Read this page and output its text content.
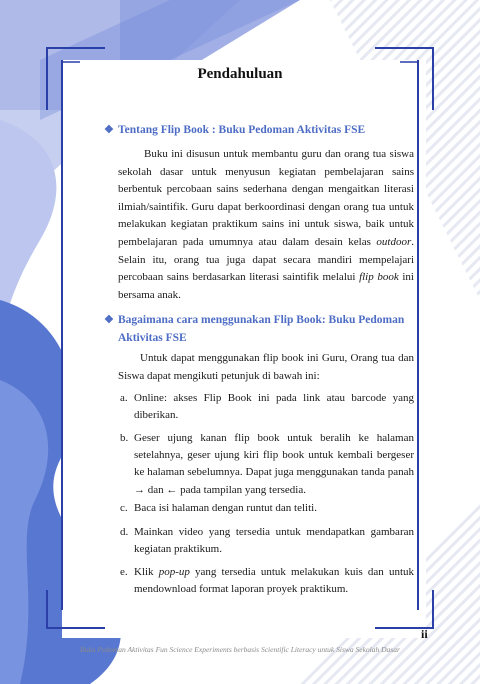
Pendahuluan
❖ Tentang Flip Book : Buku Pedoman Aktivitas FSE
Buku ini disusun untuk membantu guru dan orang tua siswa sekolah dasar untuk menyusun kegiatan pembelajaran sains berbentuk percobaan sains sederhana dengan mengaitkan literasi ilmiah/saintifik. Guru dapat berkoordinasi dengan orang tua untuk melakukan kegiatan praktikum sains ini untuk siswa, baik untuk pembelajaran pada umumnya atau dalam desain kelas outdoor. Selain itu, orang tua juga dapat secara mandiri mempelajari percobaan sains berdasarkan literasi saintifik melalui flip book ini bersama anak.
❖ Bagaimana cara menggunakan Flip Book: Buku Pedoman
Aktivitas FSE
Untuk dapat menggunakan flip book ini Guru, Orang tua dan Siswa dapat mengikuti petunjuk di bawah ini:
a. Online: akses Flip Book ini pada link atau barcode yang diberikan.
b. Geser ujung kanan flip book untuk beralih ke halaman setelahnya, geser ujung kiri flip book untuk kembali bergeser ke halaman sebelumnya. Dapat juga menggunakan tanda panah → dan ← pada tampilan yang tersedia.
c. Baca isi halaman dengan runtut dan teliti.
d. Mainkan video yang tersedia untuk mendapatkan gambaran kegiatan praktikum.
e. Klik pop-up yang tersedia untuk melakukan kuis dan untuk mendownload format laporan proyek praktikum.
ii
Buku Pedoman Aktivitas Fun Science Experiments berbasis Scientific Literacy untuk Siswa Sekolah Dasar
